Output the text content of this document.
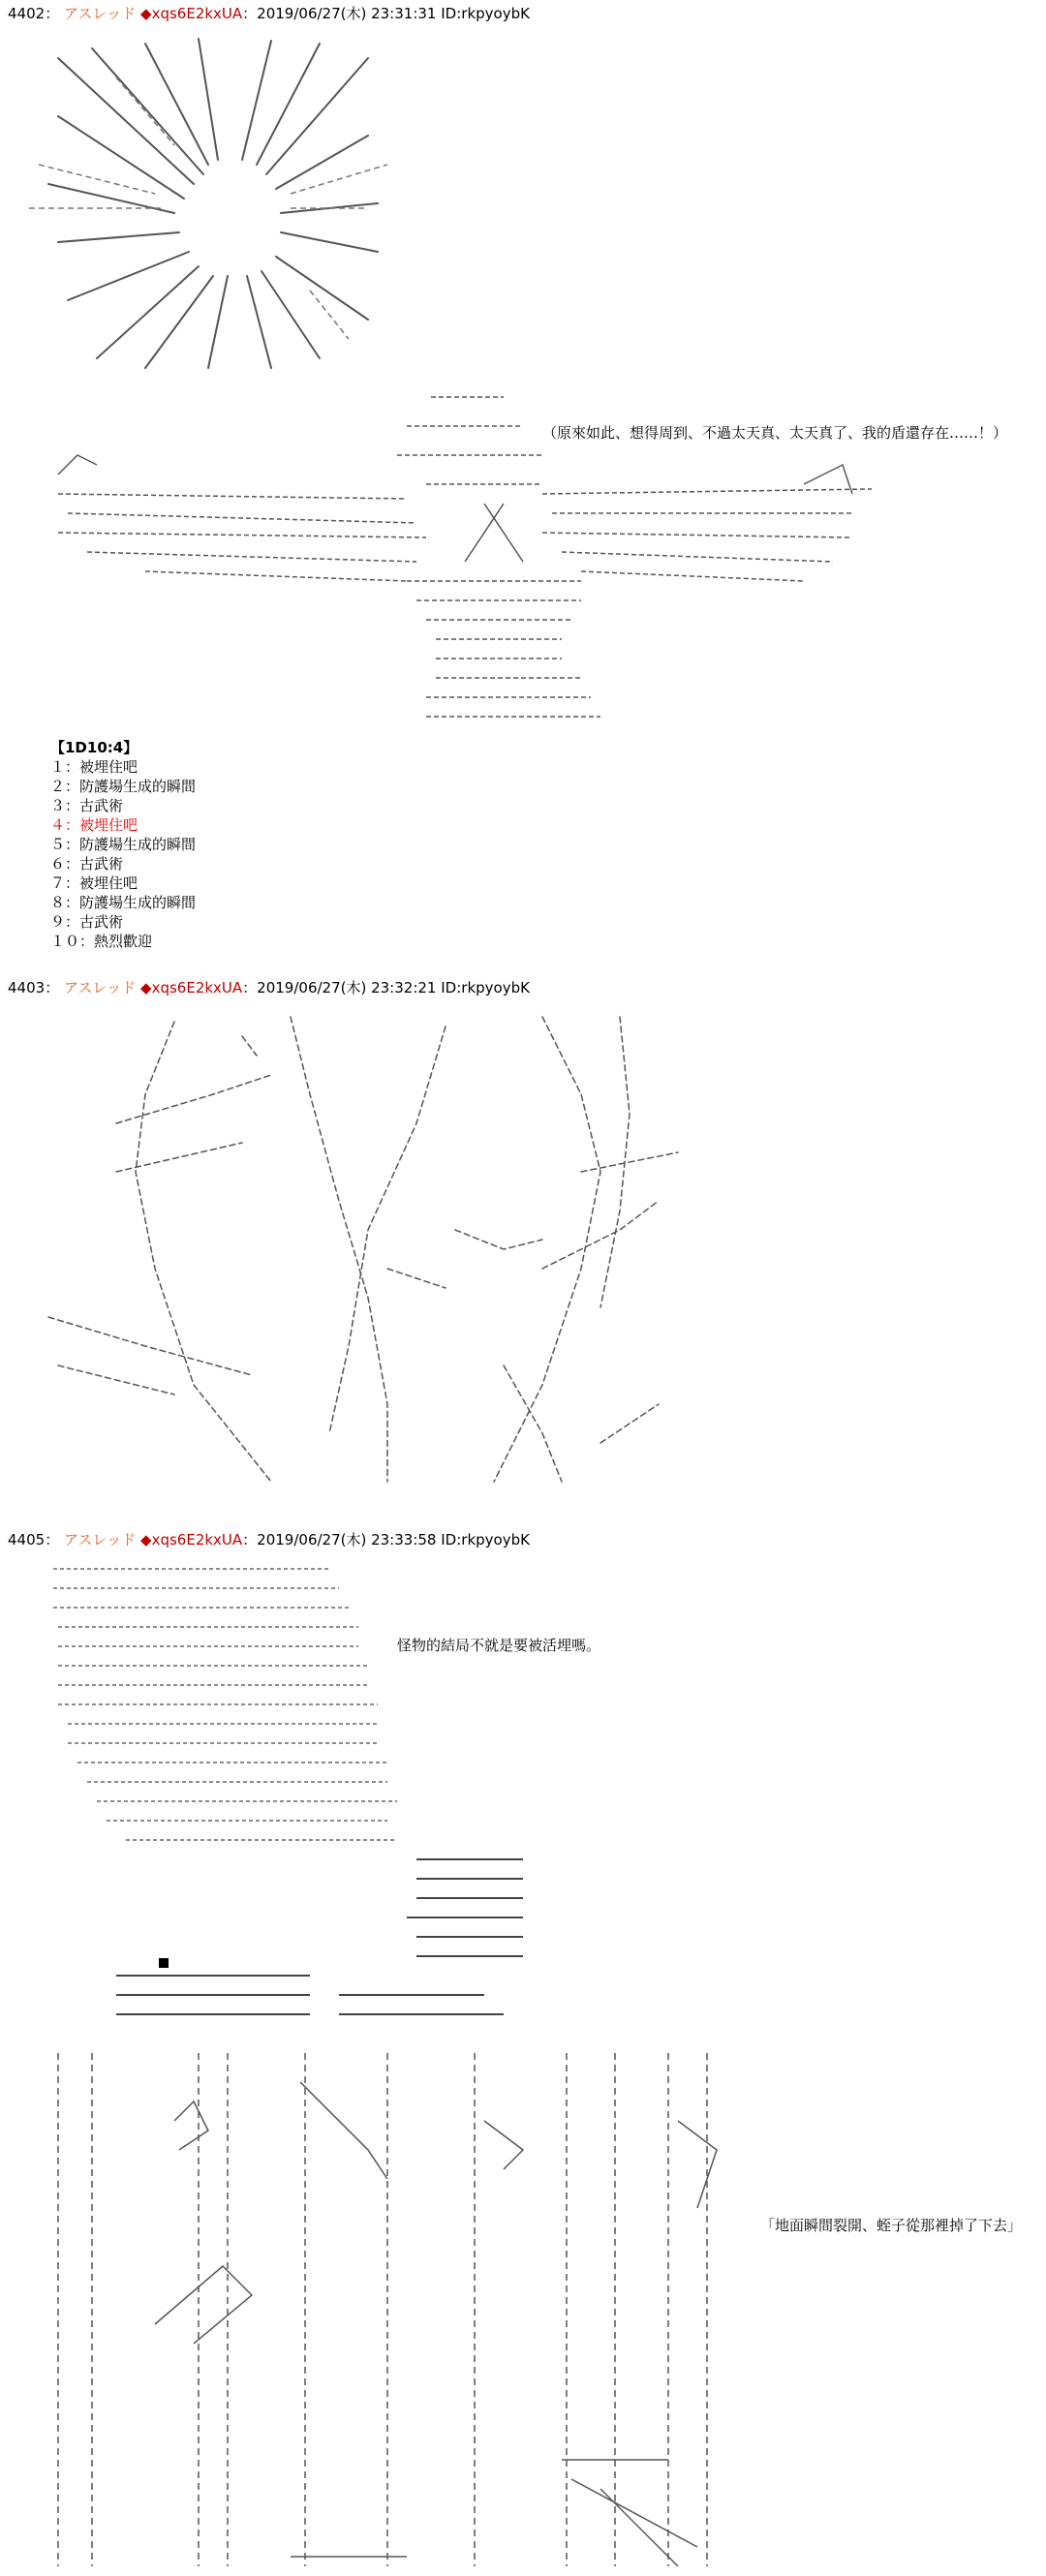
4402： アスレッド ◆xqs6E2kxUA：2019/06/27(木) 23:31:31 ID:rkpyoybK
（原來如此、想得周到、不過太天真、太天真了、我的盾還存在……！）
【1D10:4】
１：被埋住吧
２：防護場生成的瞬間
３：古武術
４：被埋住吧
５：防護場生成的瞬間
６：古武術
７：被埋住吧
８：防護場生成的瞬間
９：古武術
１０：熱烈歡迎
4403： アスレッド ◆xqs6E2kxUA：2019/06/27(木) 23:32:21 ID:rkpyoybK
4405： アスレッド ◆xqs6E2kxUA：2019/06/27(木) 23:33:58 ID:rkpyoybK
怪物的結局不就是要被活埋嗎。
「地面瞬間裂開、蛭子從那裡掉了下去」
